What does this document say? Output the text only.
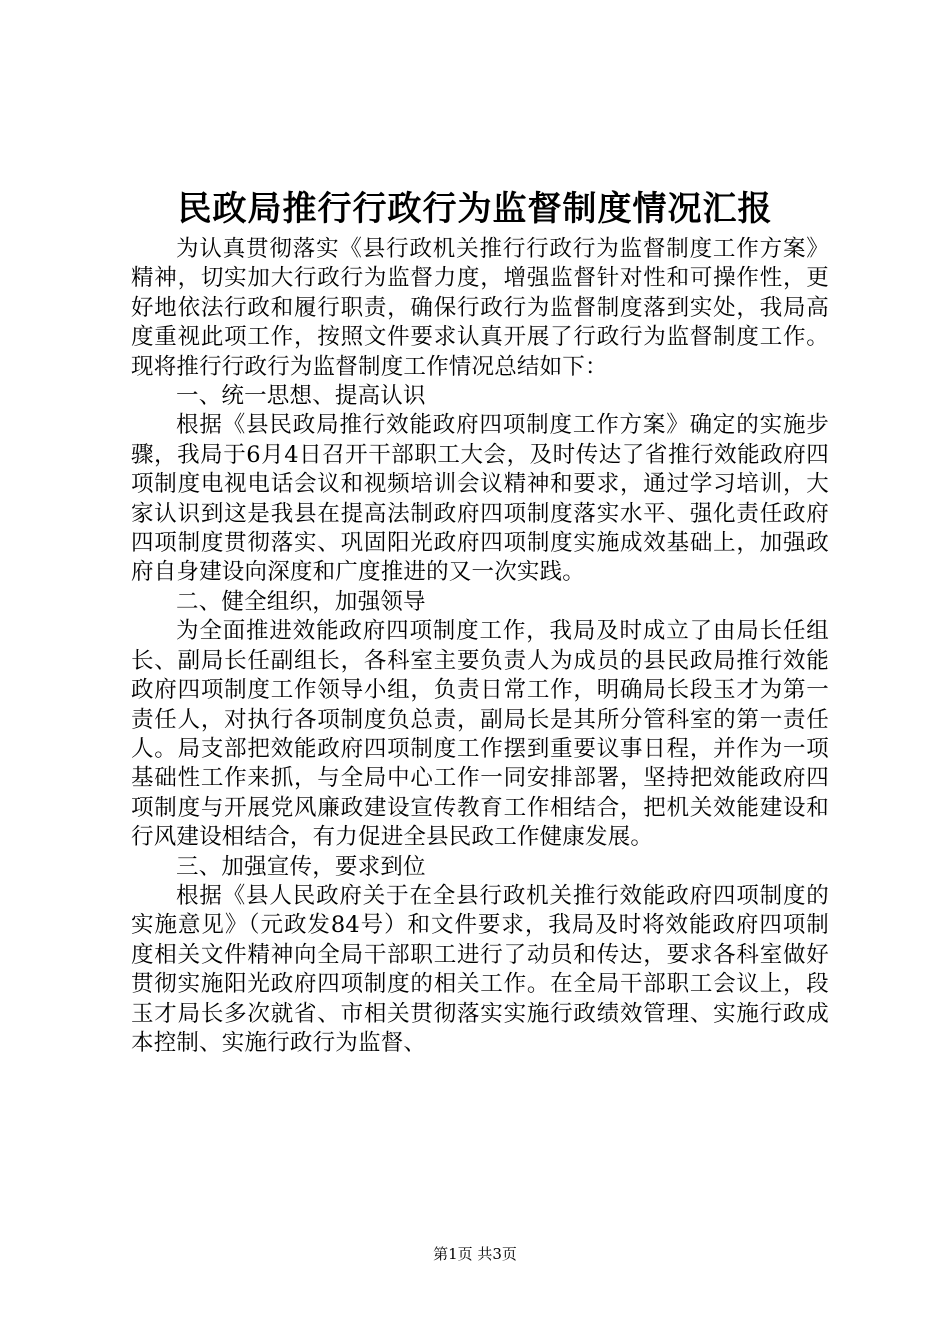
民政局推行行政行为监督制度情况汇报

为认真贯彻落实《县行政机关推行行政行为监督制度工作方案》精神，切实加大行政行为监督力度，增强监督针对性和可操作性，更好地依法行政和履行职责，确保行政行为监督制度落到实处，我局高度重视此项工作，按照文件要求认真开展了行政行为监督制度工作。现将推行行政行为监督制度工作情况总结如下：

一、统一思想、提高认识

根据《县民政局推行效能政府四项制度工作方案》确定的实施步骤，我局于6月4日召开干部职工大会，及时传达了省推行效能政府四项制度电视电话会议和视频培训会议精神和要求，通过学习培训，大家认识到这是我县在提高法制政府四项制度落实水平、强化责任政府四项制度贯彻落实、巩固阳光政府四项制度实施成效基础上，加强政府自身建设向深度和广度推进的又一次实践。

二、健全组织，加强领导

为全面推进效能政府四项制度工作，我局及时成立了由局长任组长、副局长任副组长，各科室主要负责人为成员的县民政局推行效能政府四项制度工作领导小组，负责日常工作，明确局长段玉才为第一责任人，对执行各项制度负总责，副局长是其所分管科室的第一责任人。局支部把效能政府四项制度工作摆到重要议事日程，并作为一项基础性工作来抓，与全局中心工作一同安排部署，坚持把效能政府四项制度与开展党风廉政建设宣传教育工作相结合，把机关效能建设和行风建设相结合，有力促进全县民政工作健康发展。

三、加强宣传，要求到位

根据《县人民政府关于在全县行政机关推行效能政府四项制度的实施意见》（元政发84号）和文件要求，我局及时将效能政府四项制度相关文件精神向全局干部职工进行了动员和传达，要求各科室做好贯彻实施阳光政府四项制度的相关工作。在全局干部职工会议上，段玉才局长多次就省、市相关贯彻落实实施行政绩效管理、实施行政成本控制、实施行政行为监督、

第1页 共3页
